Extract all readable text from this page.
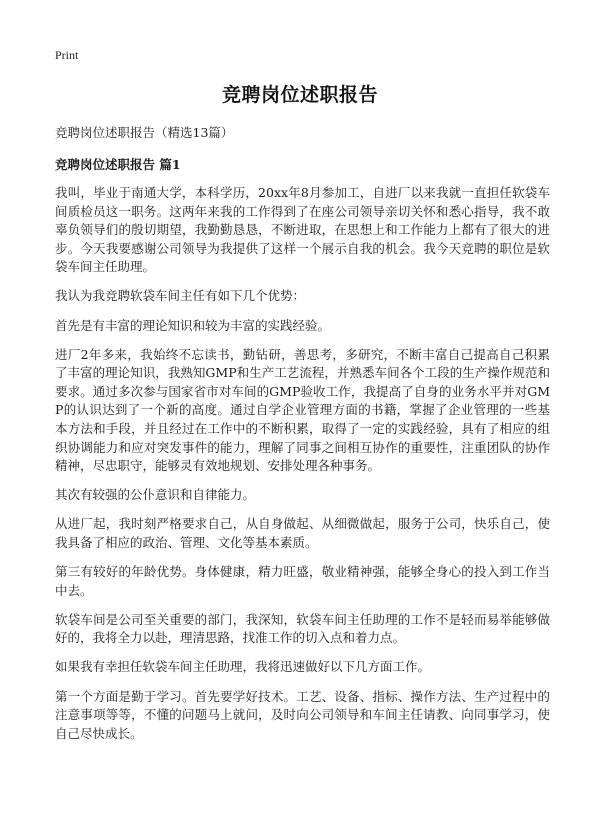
Print
竞聘岗位述职报告

竞聘岗位述职报告（精选13篇）

竞聘岗位述职报告 篇1

我叫，毕业于南通大学，本科学历，20xx年8月参加工，自进厂以来我就一直担任软袋车间质检员这一职务。这两年来我的工作得到了在座公司领导亲切关怀和悉心指导，我不敢辜负领导们的殷切期望，我勤勤恳恳，不断进取，在思想上和工作能力上都有了很大的进步。今天我要感谢公司领导为我提供了这样一个展示自我的机会。我今天竞聘的职位是软袋车间主任助理。

我认为我竞聘软袋车间主任有如下几个优势：

首先是有丰富的理论知识和较为丰富的实践经验。

进厂2年多来，我始终不忘读书，勤钻研，善思考，多研究，不断丰富自己提高自己积累了丰富的理论知识，我熟知GMP和生产工艺流程，并熟悉车间各个工段的生产操作规范和要求。通过多次参与国家省市对车间的GMP验收工作，我提高了自身的业务水平并对GMP的认识达到了一个新的高度。通过自学企业管理方面的书籍，掌握了企业管理的一些基本方法和手段，并且经过在工作中的不断积累，取得了一定的实践经验，具有了相应的组织协调能力和应对突发事件的能力，理解了同事之间相互协作的重要性，注重团队的协作精神，尽忠职守，能够灵有效地规划、安排处理各种事务。

其次有较强的公仆意识和自律能力。

从进厂起，我时刻严格要求自己，从自身做起、从细微做起，服务于公司，快乐自己，使我具备了相应的政治、管理、文化等基本素质。

第三有较好的年龄优势。身体健康，精力旺盛，敬业精神强，能够全身心的投入到工作当中去。

软袋车间是公司至关重要的部门，我深知，软袋车间主任助理的工作不是轻而易举能够做好的，我将全力以赴，理清思路，找准工作的切入点和着力点。

如果我有幸担任软袋车间主任助理，我将迅速做好以下几方面工作。

第一个方面是勤于学习。首先要学好技术。工艺、设备、指标、操作方法、生产过程中的注意事项等等，不懂的问题马上就问，及时向公司领导和车间主任请教、向同事学习，使自己尽快成长。
